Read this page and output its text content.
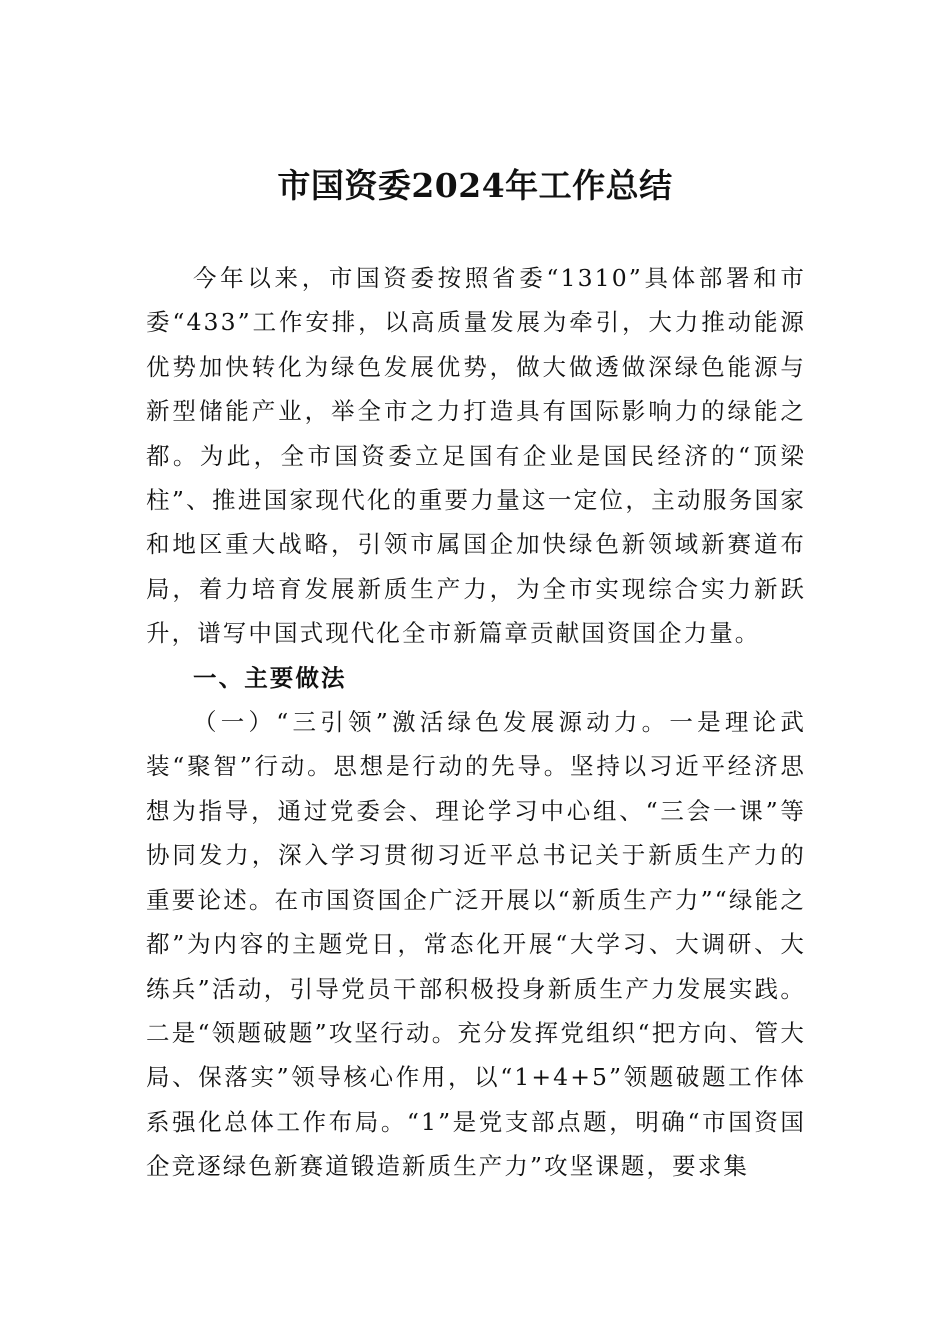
市国资委2024年工作总结

今年以来，市国资委按照省委“1310”具体部署和市委“433”工作安排，以高质量发展为牵引，大力推动能源优势加快转化为绿色发展优势，做大做透做深绿色能源与新型储能产业，举全市之力打造具有国际影响力的绿能之都。为此，全市国资委立足国有企业是国民经济的“顶梁柱”、推进国家现代化的重要力量这一定位，主动服务国家和地区重大战略，引领市属国企加快绿色新领域新赛道布局，着力培育发展新质生产力，为全市实现综合实力新跃升，谱写中国式现代化全市新篇章贡献国资国企力量。

一、主要做法

（一）“三引领”激活绿色发展源动力。一是理论武装“聚智”行动。思想是行动的先导。坚持以习近平经济思想为指导，通过党委会、理论学习中心组、“三会一课”等协同发力，深入学习贯彻习近平总书记关于新质生产力的重要论述。在市国资国企广泛开展以“新质生产力”“绿能之都”为内容的主题党日，常态化开展“大学习、大调研、大练兵”活动，引导党员干部积极投身新质生产力发展实践。二是“领题破题”攻坚行动。充分发挥党组织“把方向、管大局、保落实”领导核心作用，以“1+4+5”领题破题工作体系强化总体工作布局。“1”是党支部点题，明确“市国资国企竞逐绿色新赛道锻造新质生产力”攻坚课题，要求集
